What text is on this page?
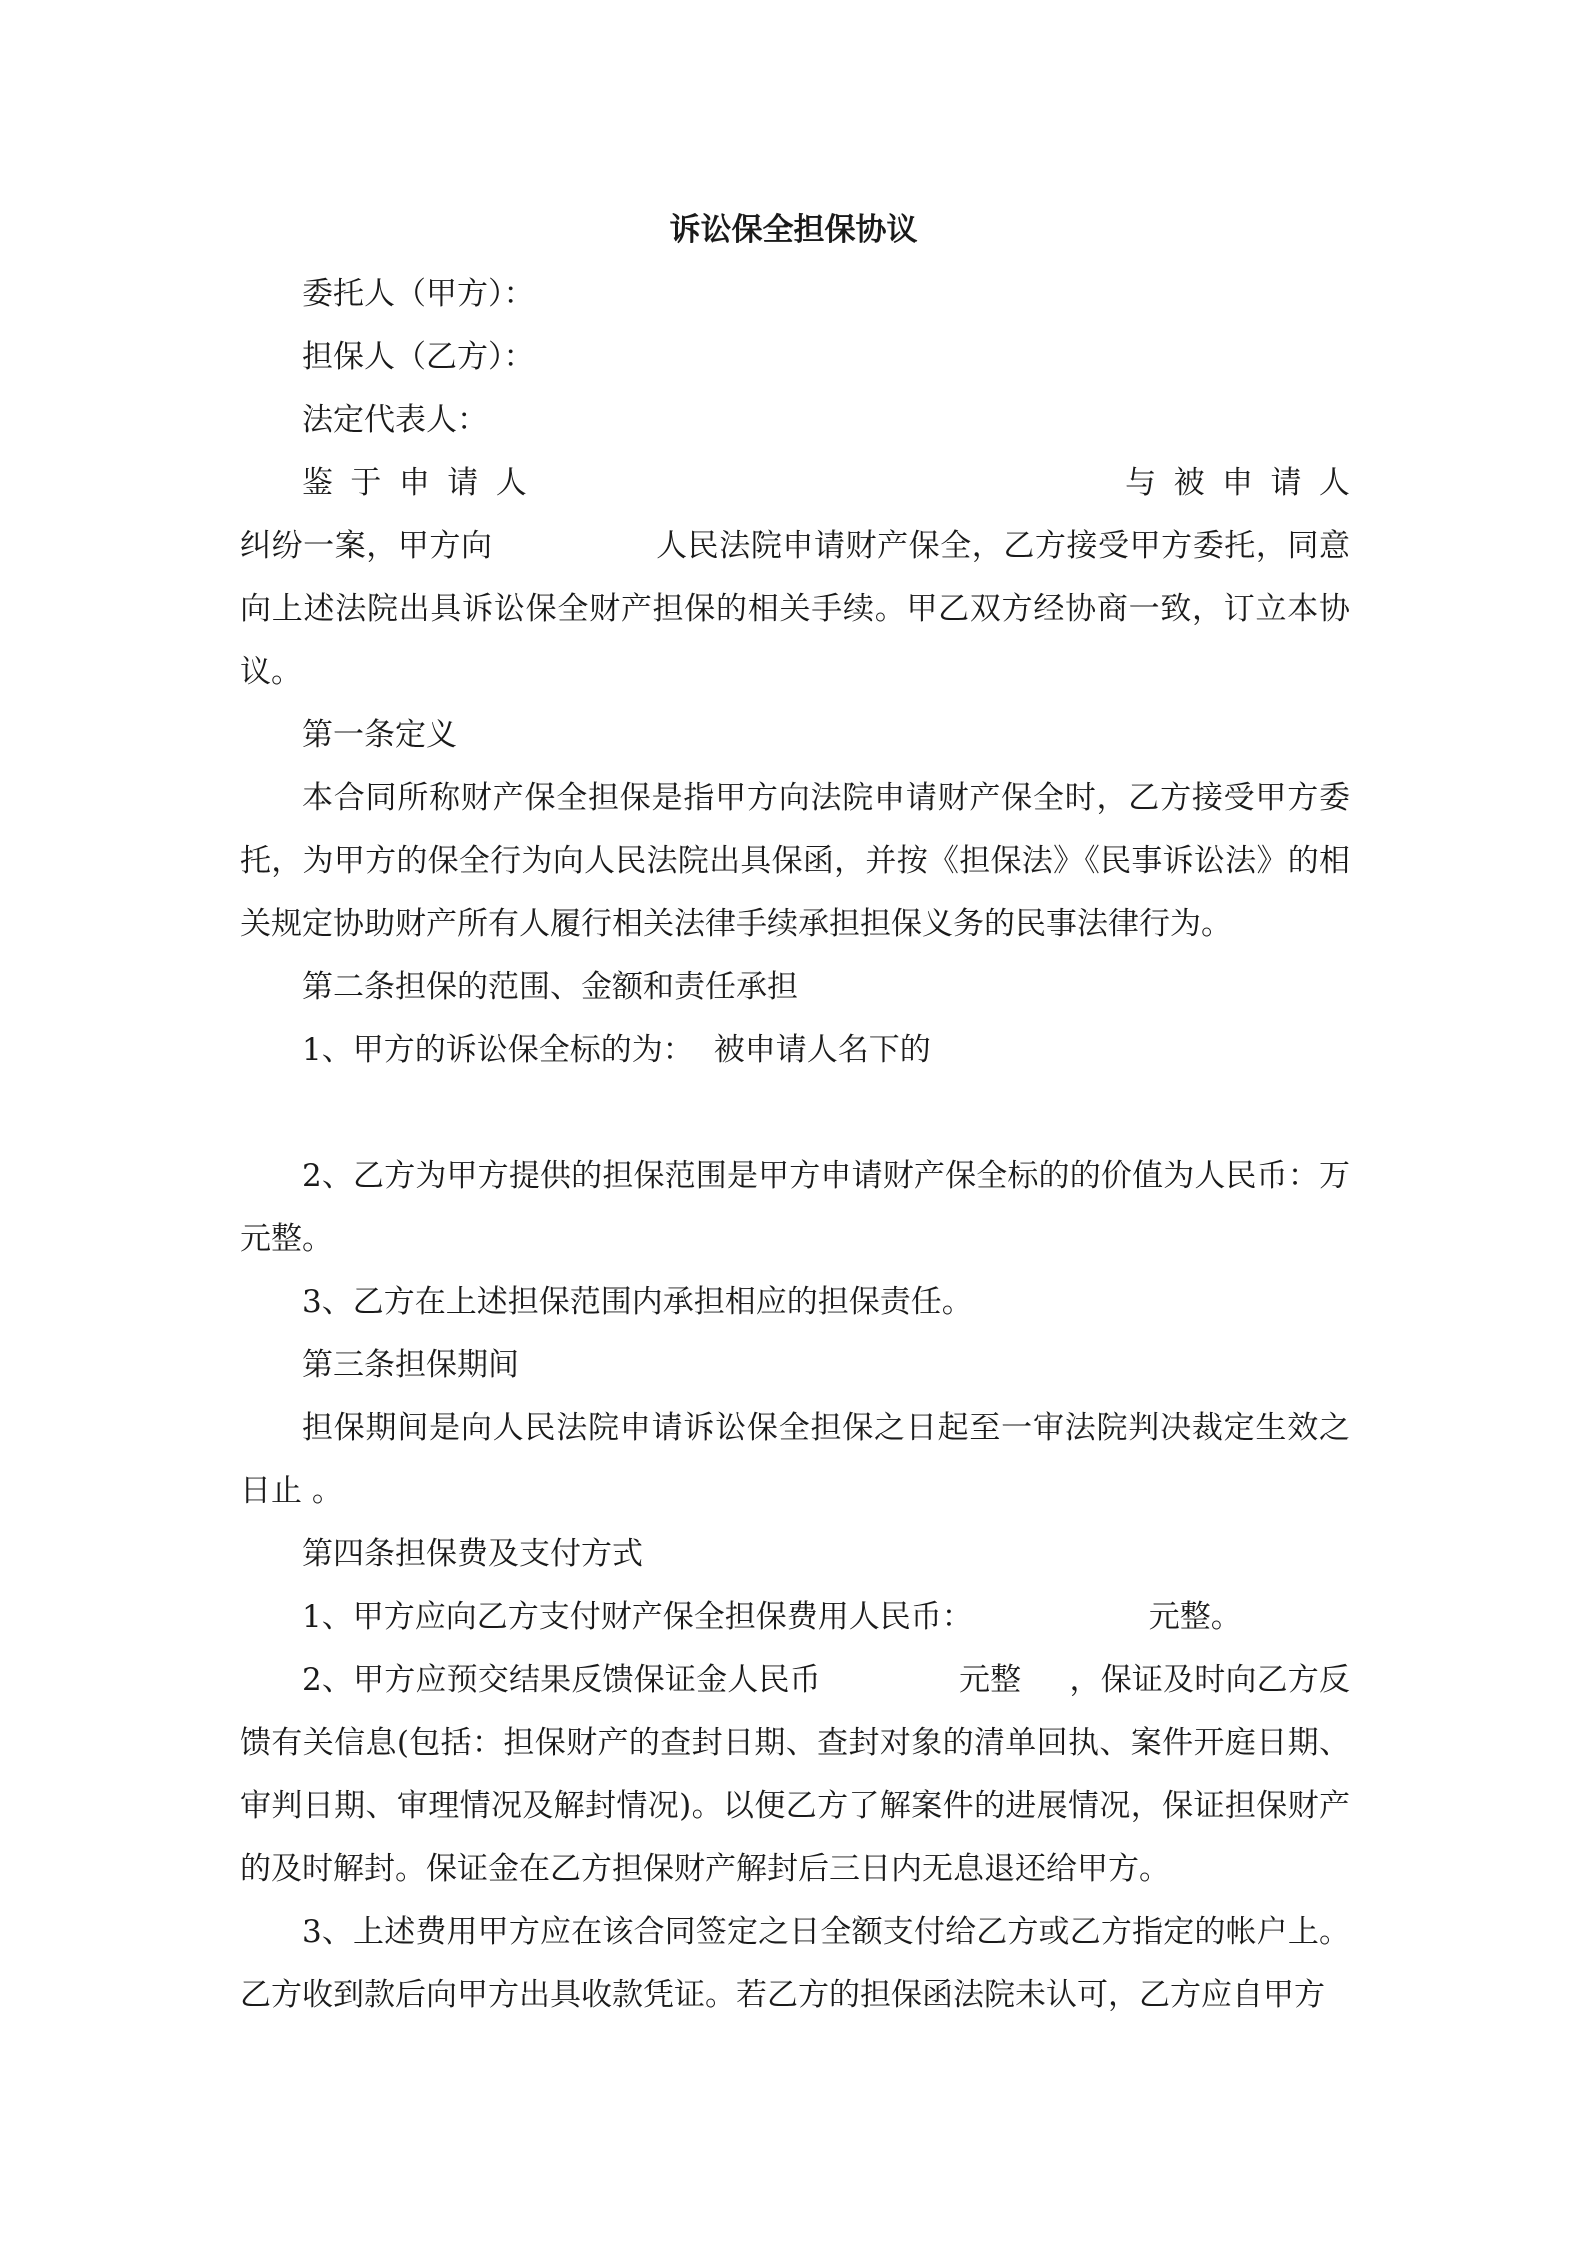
诉讼保全担保协议

委托人（甲方）：

担保人（乙方）：

法定代表人：

鉴 于 申 请 人

　	与 被 申 请 人

纠纷一案，甲方向	人民法院申请财产保全，乙方接受甲方委托，同意向上述法院出具诉讼保全财产担保的相关手续。甲乙双方经协商一致，订立本协议。

第一条定义

本合同所称财产保全担保是指甲方向法院申请财产保全时，乙方接受甲方委托，为甲方的保全行为向人民法院出具保函，并按《担保法》《民事诉讼法》的相关规定协助财产所有人履行相关法律手续承担担保义务的民事法律行为。

第二条担保的范围、金额和责任承担

1、甲方的诉讼保全标的为： 被申请人名下的

2、乙方为甲方提供的担保范围是甲方申请财产保全标的的价值为人民币：万元整。

3、乙方在上述担保范围内承担相应的担保责任。

第三条担保期间

担保期间是向人民法院申请诉讼保全担保之日起至一审法院判决裁定生效之日止 。

第四条担保费及支付方式

1、甲方应向乙方支付财产保全担保费用人民币：	元整。

2、甲方应预交结果反馈保证金人民币	元整 ，保证及时向乙方反馈有关信息(包括：担保财产的查封日期、查封对象的清单回执、案件开庭日期、审判日期、审理情况及解封情况)。以便乙方了解案件的进展情况，保证担保财产的及时解封。保证金在乙方担保财产解封后三日内无息退还给甲方。

3、上述费用甲方应在该合同签定之日全额支付给乙方或乙方指定的帐户上。乙方收到款后向甲方出具收款凭证。若乙方的担保函法院未认可，乙方应自甲方
